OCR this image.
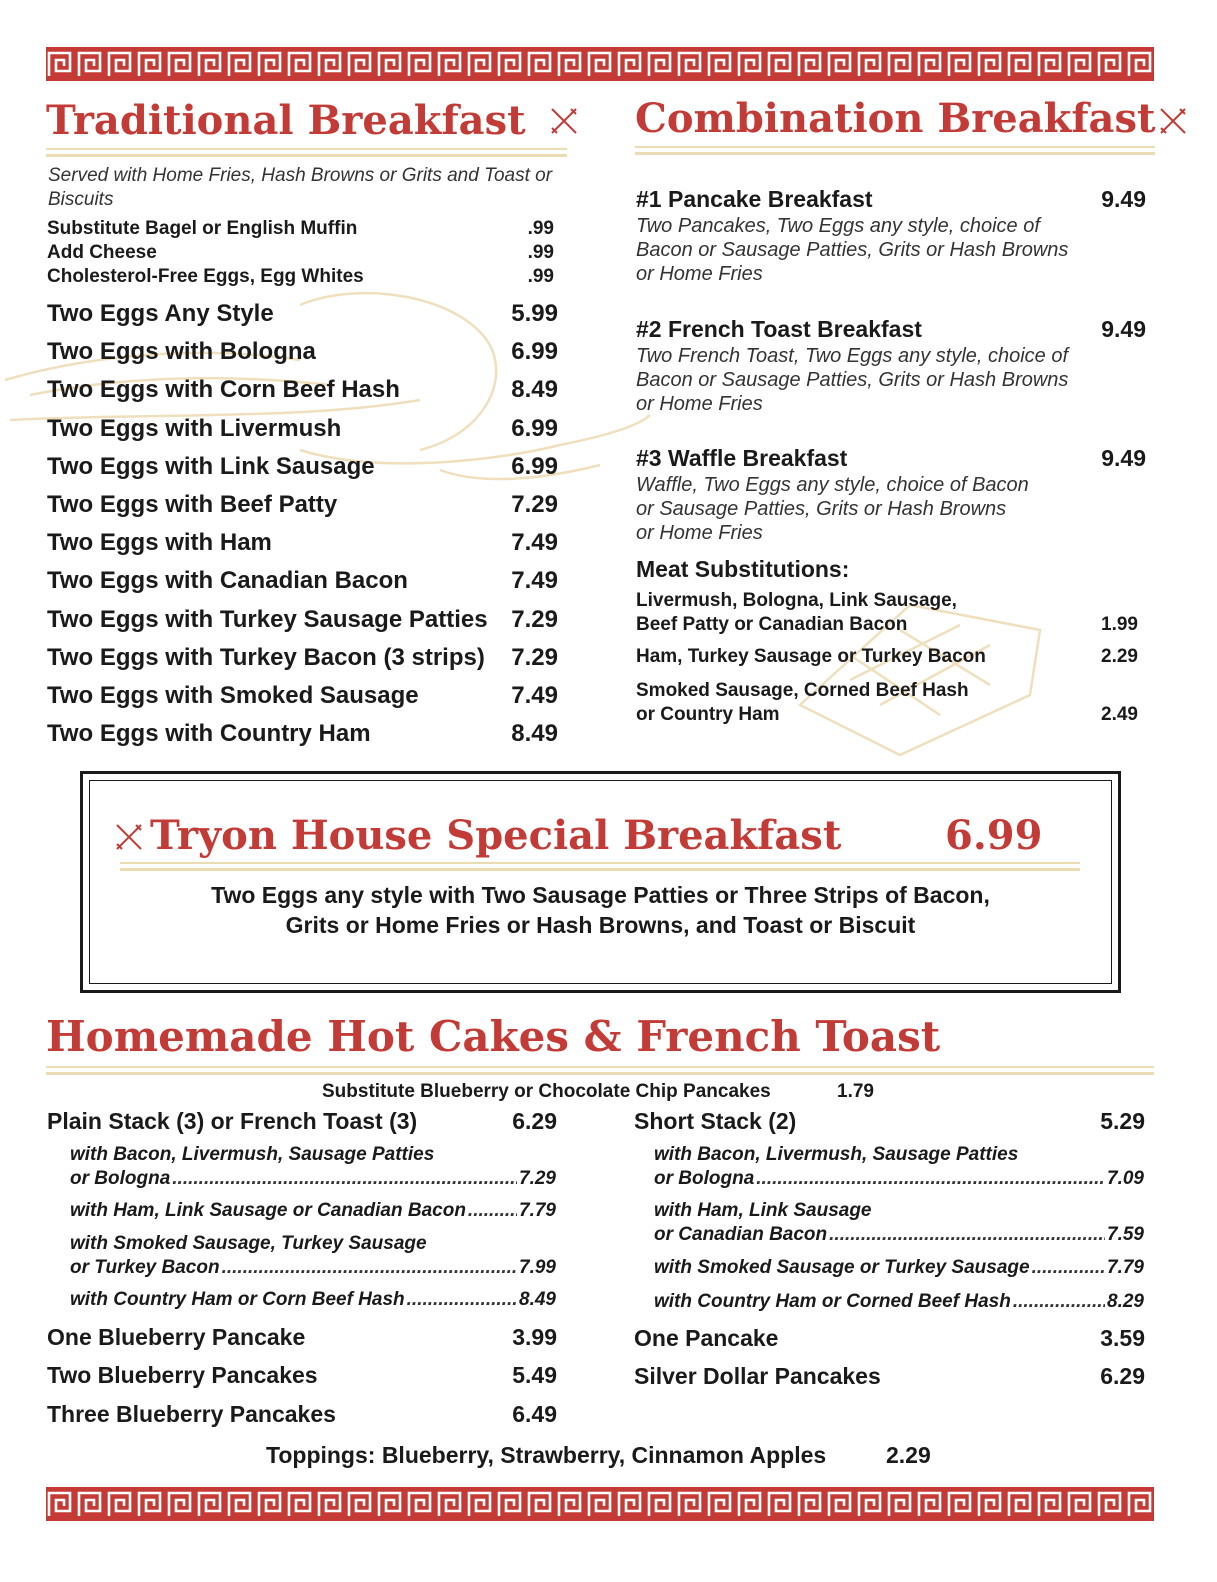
Traditional Breakfast
Served with Home Fries, Hash Browns or Grits and Toast or Biscuits
Substitute Bagel or English Muffin	.99
Add Cheese	.99
Cholesterol-Free Eggs, Egg Whites	.99
Two Eggs Any Style	5.99
Two Eggs with Bologna	6.99
Two Eggs with Corn Beef Hash	8.49
Two Eggs with Livermush	6.99
Two Eggs with Link Sausage	6.99
Two Eggs with Beef Patty	7.29
Two Eggs with Ham	7.49
Two Eggs with Canadian Bacon	7.49
Two Eggs with Turkey Sausage Patties 7.29
Two Eggs with Turkey Bacon (3 strips) 7.29
Two Eggs with Smoked Sausage	7.49
Two Eggs with Country Ham	8.49
Combination Breakfast
#1 Pancake Breakfast	9.49
Two Pancakes, Two Eggs any style, choice of
Bacon or Sausage Patties, Grits or Hash Browns
or Home Fries
#2 French Toast Breakfast	9.49
Two French Toast, Two Eggs any style, choice of
Bacon or Sausage Patties, Grits or Hash Browns
or Home Fries
#3 Waffle Breakfast	9.49
Waffle, Two Eggs any style, choice of Bacon
or Sausage Patties, Grits or Hash Browns
or Home Fries
Meat Substitutions:
Livermush, Bologna, Link Sausage,
Beef Patty or Canadian Bacon	1.99
Ham, Turkey Sausage or Turkey Bacon	2.29
Smoked Sausage, Corned Beef Hash
or Country Ham	2.49
Tryon House Special Breakfast	6.99
Two Eggs any style with Two Sausage Patties or Three Strips of Bacon,
Grits or Home Fries or Hash Browns, and Toast or Biscuit
Homemade Hot Cakes & French Toast
Substitute Blueberry or Chocolate Chip Pancakes	1.79
Plain Stack (3) or French Toast (3)	6.29
with Bacon, Livermush, Sausage Patties
or Bologna .....	7.29
with Ham, Link Sausage or Canadian Bacon .....	7.79
with Smoked Sausage, Turkey Sausage
or Turkey Bacon .....	7.99
with Country Ham or Corn Beef Hash .....	8.49
One Blueberry Pancake	3.99
Two Blueberry Pancakes	5.49
Three Blueberry Pancakes	6.49
Short Stack (2)	5.29
with Bacon, Livermush, Sausage Patties
or Bologna .....	7.09
with Ham, Link Sausage
or Canadian Bacon .....	7.59
with Smoked Sausage or Turkey Sausage .....	7.79
with Country Ham or Corned Beef Hash .....	8.29
One Pancake	3.59
Silver Dollar Pancakes	6.29
Toppings: Blueberry, Strawberry, Cinnamon Apples	2.29
